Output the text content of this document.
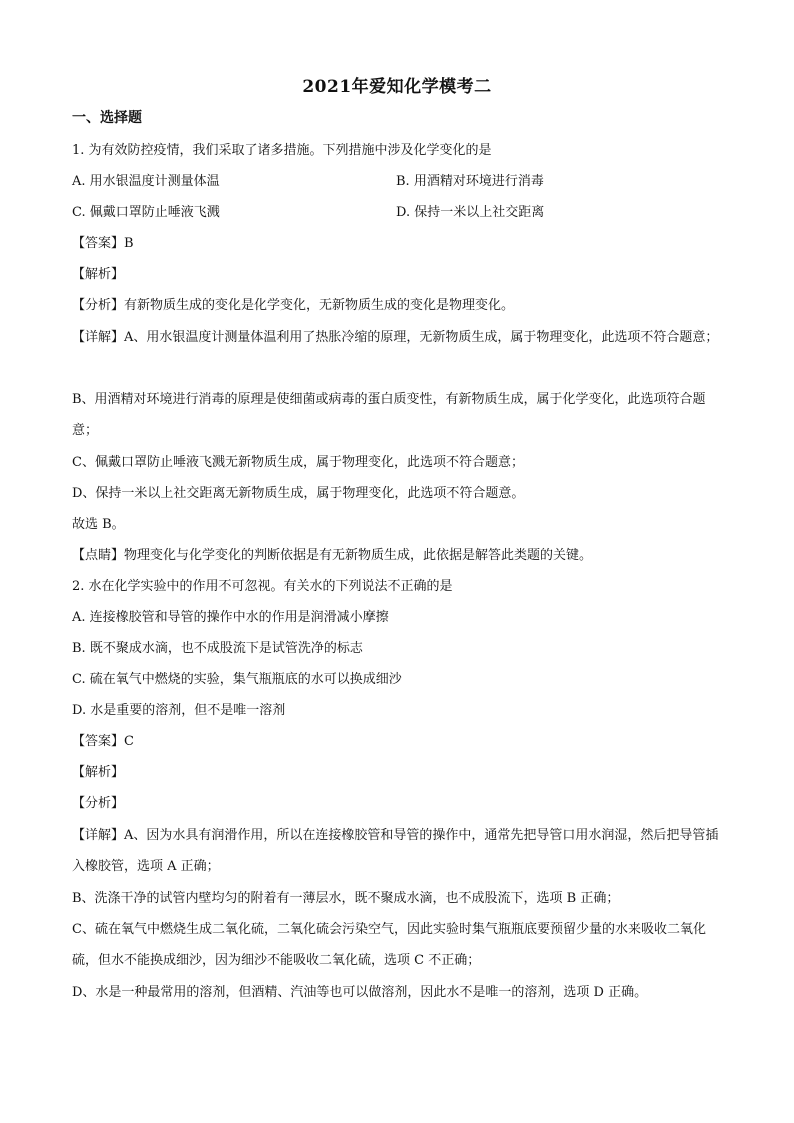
2021年爱知化学模考二
一、选择题
1. 为有效防控疫情，我们采取了诸多措施。下列措施中涉及化学变化的是
A. 用水银温度计测量体温	B. 用酒精对环境进行消毒
C. 佩戴口罩防止唾液飞溅	D. 保持一米以上社交距离
【答案】B
【解析】
【分析】有新物质生成的变化是化学变化，无新物质生成的变化是物理变化。
【详解】A、用水银温度计测量体温利用了热胀冷缩的原理，无新物质生成，属于物理变化，此选项不符合题意；
B、用酒精对环境进行消毒的原理是使细菌或病毒的蛋白质变性，有新物质生成，属于化学变化，此选项符合题意；
C、佩戴口罩防止唾液飞溅无新物质生成，属于物理变化，此选项不符合题意；
D、保持一米以上社交距离无新物质生成，属于物理变化，此选项不符合题意。
故选 B。
【点睛】物理变化与化学变化的判断依据是有无新物质生成，此依据是解答此类题的关键。
2. 水在化学实验中的作用不可忽视。有关水的下列说法不正确的是
A. 连接橡胶管和导管的操作中水的作用是润滑减小摩擦
B. 既不聚成水滴，也不成股流下是试管洗净的标志
C. 硫在氧气中燃烧的实验，集气瓶瓶底的水可以换成细沙
D. 水是重要的溶剂，但不是唯一溶剂
【答案】C
【解析】
【分析】
【详解】A、因为水具有润滑作用，所以在连接橡胶管和导管的操作中，通常先把导管口用水润湿，然后把导管插入橡胶管，选项 A 正确；
B、洗涤干净的试管内壁均匀的附着有一薄层水，既不聚成水滴，也不成股流下，选项 B 正确；
C、硫在氧气中燃烧生成二氧化硫，二氧化硫会污染空气，因此实验时集气瓶瓶底要预留少量的水来吸收二氧化硫，但水不能换成细沙，因为细沙不能吸收二氧化硫，选项 C 不正确；
D、水是一种最常用的溶剂，但酒精、汽油等也可以做溶剂，因此水不是唯一的溶剂，选项 D 正确。
